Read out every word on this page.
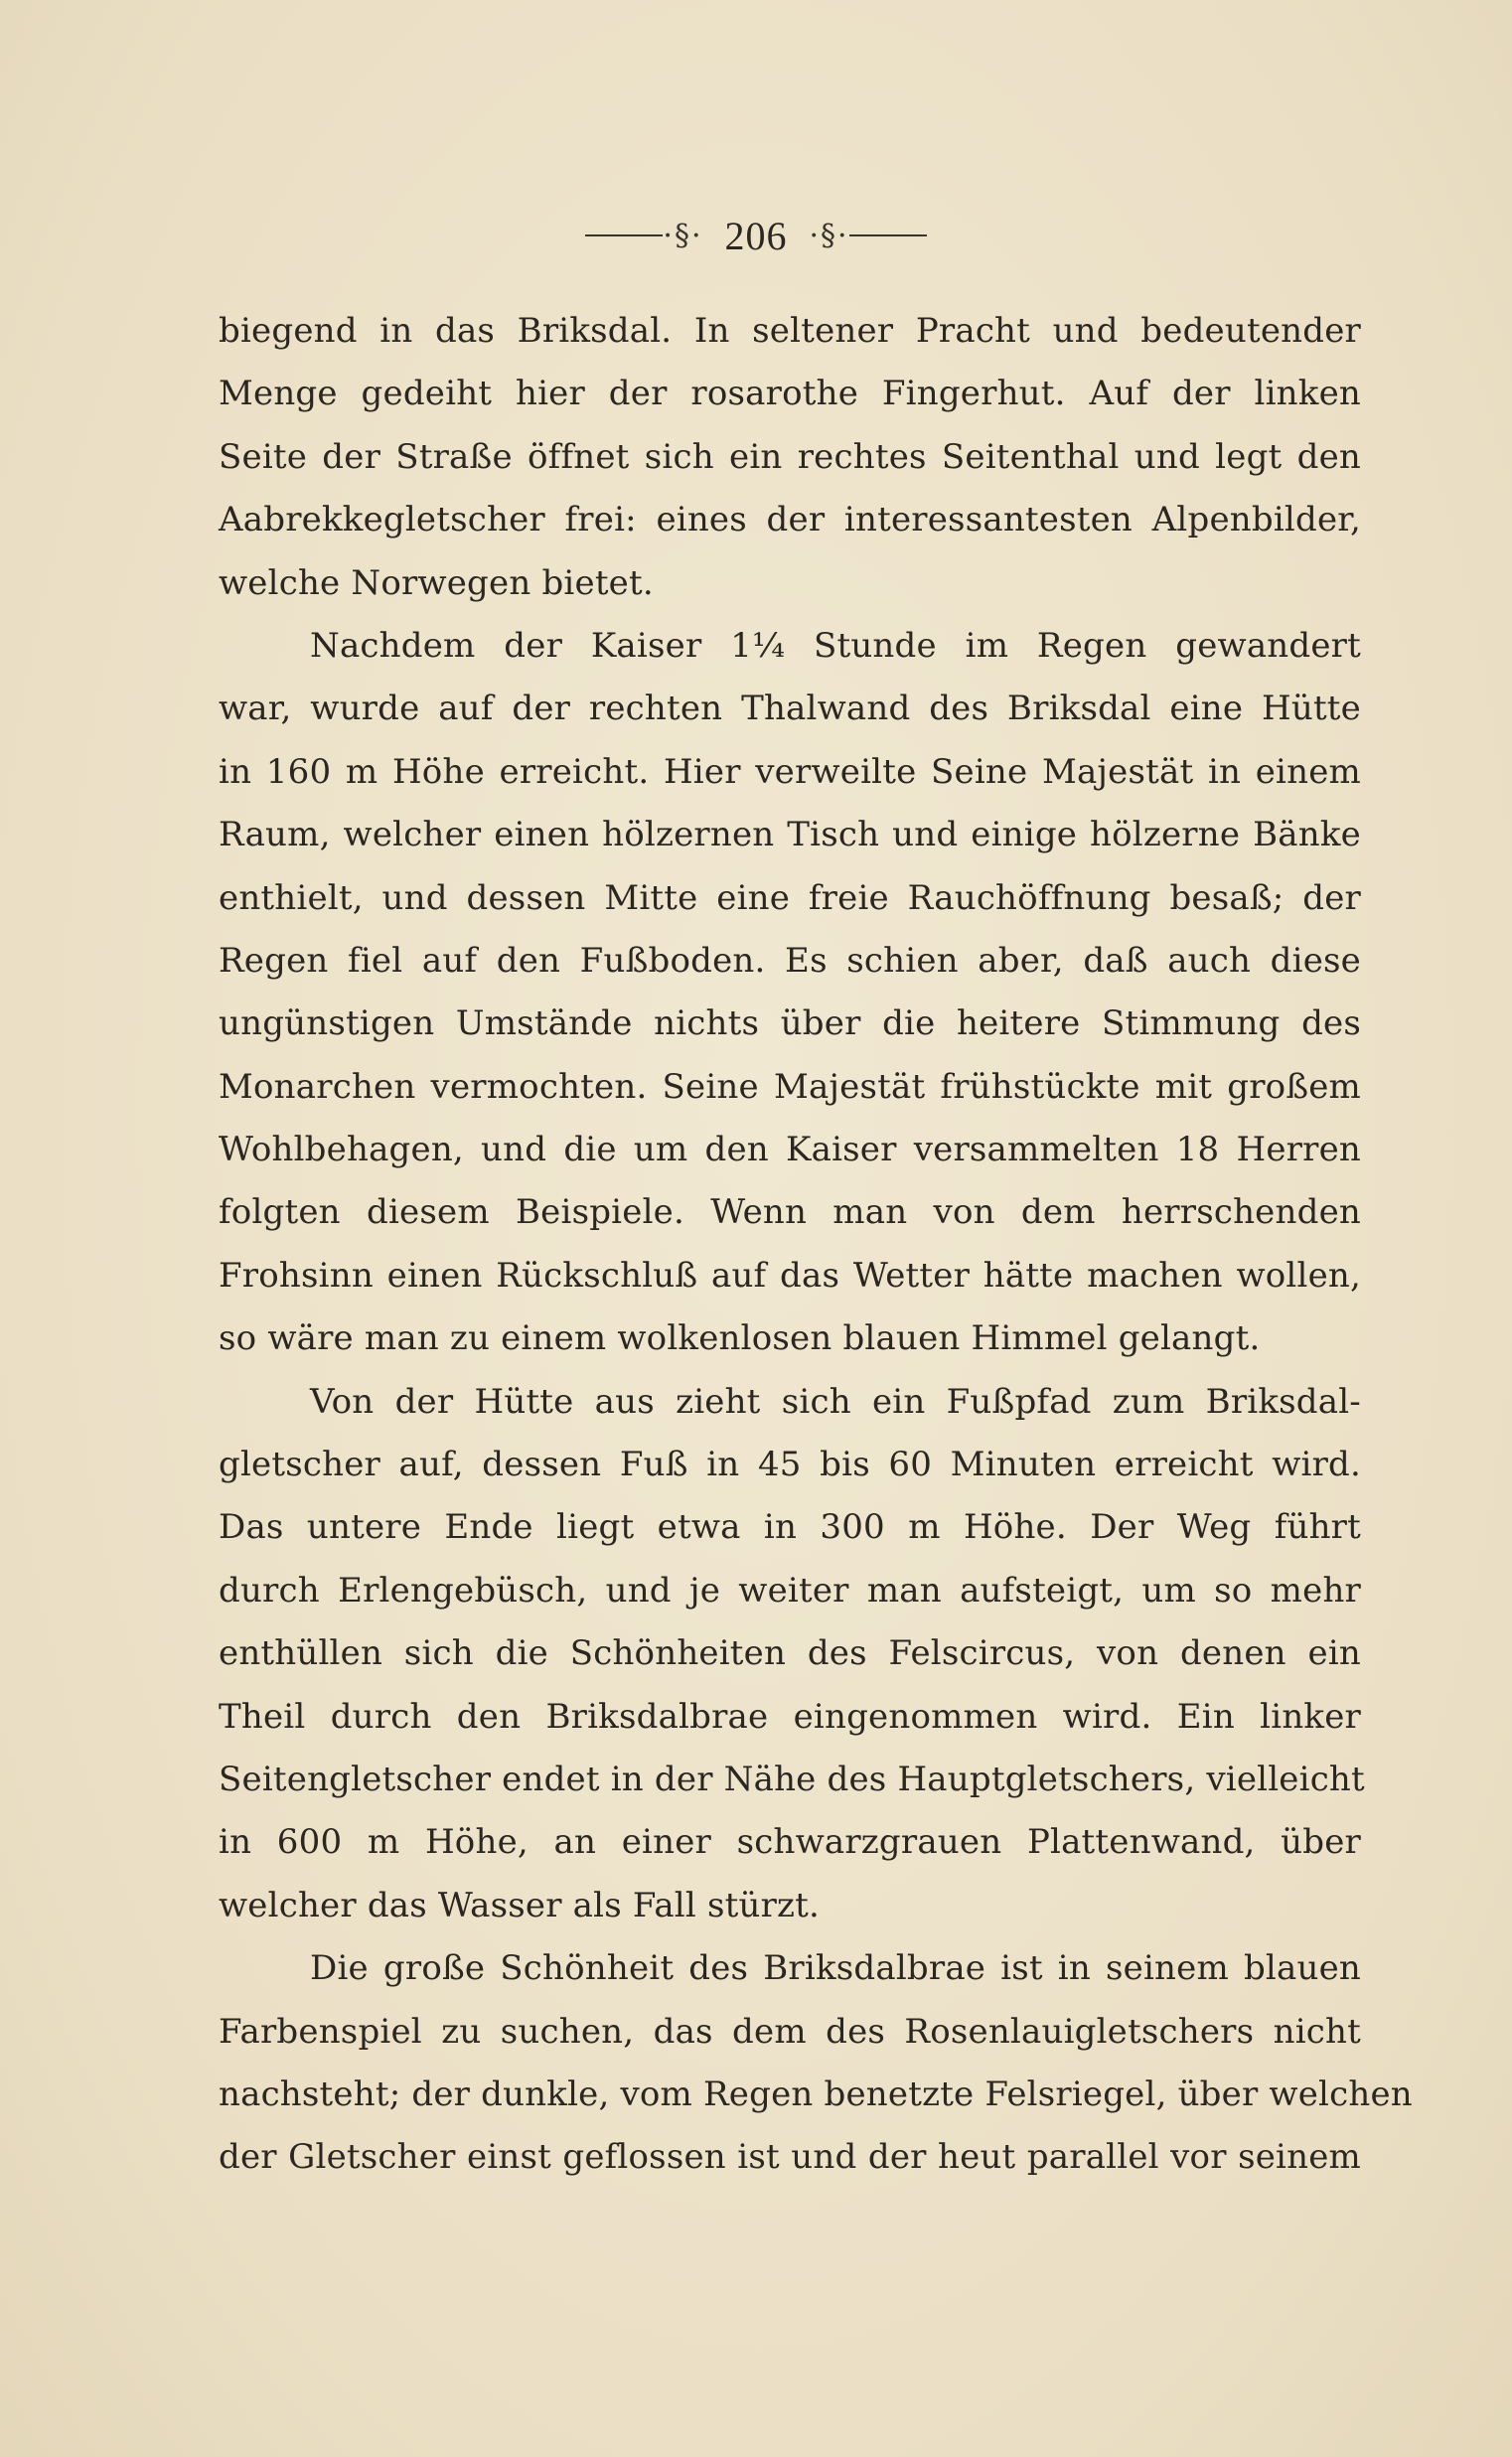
·§· 206 ·§·
biegend in das Briksdal. In seltener Pracht und bedeutender
Menge gedeiht hier der rosarothe Fingerhut. Auf der linken
Seite der Straße öffnet sich ein rechtes Seitenthal und legt den
Aabrekkegletscher frei: eines der interessantesten Alpenbilder,
welche Norwegen bietet.
Nachdem der Kaiser 1¼ Stunde im Regen gewandert
war, wurde auf der rechten Thalwand des Briksdal eine Hütte
in 160 m Höhe erreicht. Hier verweilte Seine Majestät in einem
Raum, welcher einen hölzernen Tisch und einige hölzerne Bänke
enthielt, und dessen Mitte eine freie Rauchöffnung besaß; der
Regen fiel auf den Fußboden. Es schien aber, daß auch diese
ungünstigen Umstände nichts über die heitere Stimmung des
Monarchen vermochten. Seine Majestät frühstückte mit großem
Wohlbehagen, und die um den Kaiser versammelten 18 Herren
folgten diesem Beispiele. Wenn man von dem herrschenden
Frohsinn einen Rückschluß auf das Wetter hätte machen wollen,
so wäre man zu einem wolkenlosen blauen Himmel gelangt.
Von der Hütte aus zieht sich ein Fußpfad zum Briksdal-
gletscher auf, dessen Fuß in 45 bis 60 Minuten erreicht wird.
Das untere Ende liegt etwa in 300 m Höhe. Der Weg führt
durch Erlengebüsch, und je weiter man aufsteigt, um so mehr
enthüllen sich die Schönheiten des Felscircus, von denen ein
Theil durch den Briksdalbrae eingenommen wird. Ein linker
Seitengletscher endet in der Nähe des Hauptgletschers, vielleicht
in 600 m Höhe, an einer schwarzgrauen Plattenwand, über
welcher das Wasser als Fall stürzt.
Die große Schönheit des Briksdalbrae ist in seinem blauen
Farbenspiel zu suchen, das dem des Rosenlauigletschers nicht
nachsteht; der dunkle, vom Regen benetzte Felsriegel, über welchen
der Gletscher einst geflossen ist und der heut parallel vor seinem
